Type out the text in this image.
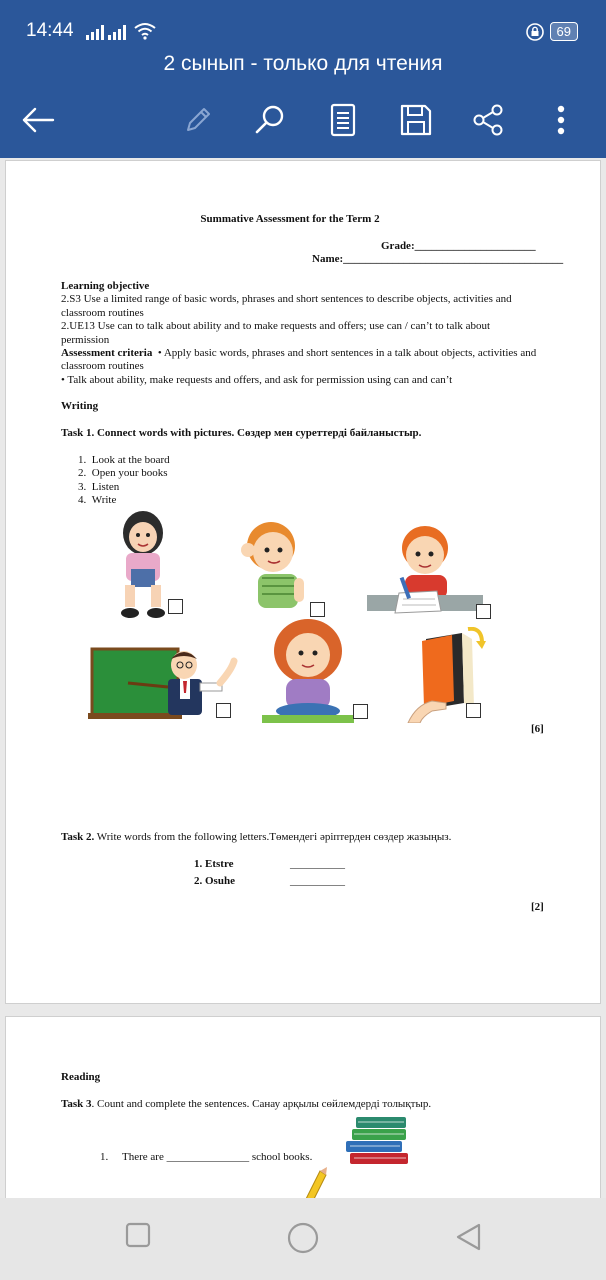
14:44	69
2 сынып - только для чтения
Summative Assessment for the Term 2
Grade:______________________
Name:________________________________________
Learning objective
2.S3 Use a limited range of basic words, phrases and short sentences to describe objects, activities and classroom routines
2.UE13 Use can to talk about ability and to make requests and offers; use can / can’t to talk about permission
Assessment criteria • Apply basic words, phrases and short sentences in a talk about objects, activities and classroom routines
• Talk about ability, make requests and offers, and ask for permission using can and can’t
Writing
Task 1. Connect words with pictures. Сөздер мен суреттерді байланыстыр.
1.  Look at the board
2.  Open your books
3.  Listen
4.  Write
[6]
Task 2. Write words from the following letters.Төмендегі әріптерден сөздер жазыңыз.
1. Etstre	__________
2. Osuhe	__________
[2]
Reading
Task 3. Count and complete the sentences. Санау арқылы сөйлемдерді толықтыр.
1. There are _______________ school books.
